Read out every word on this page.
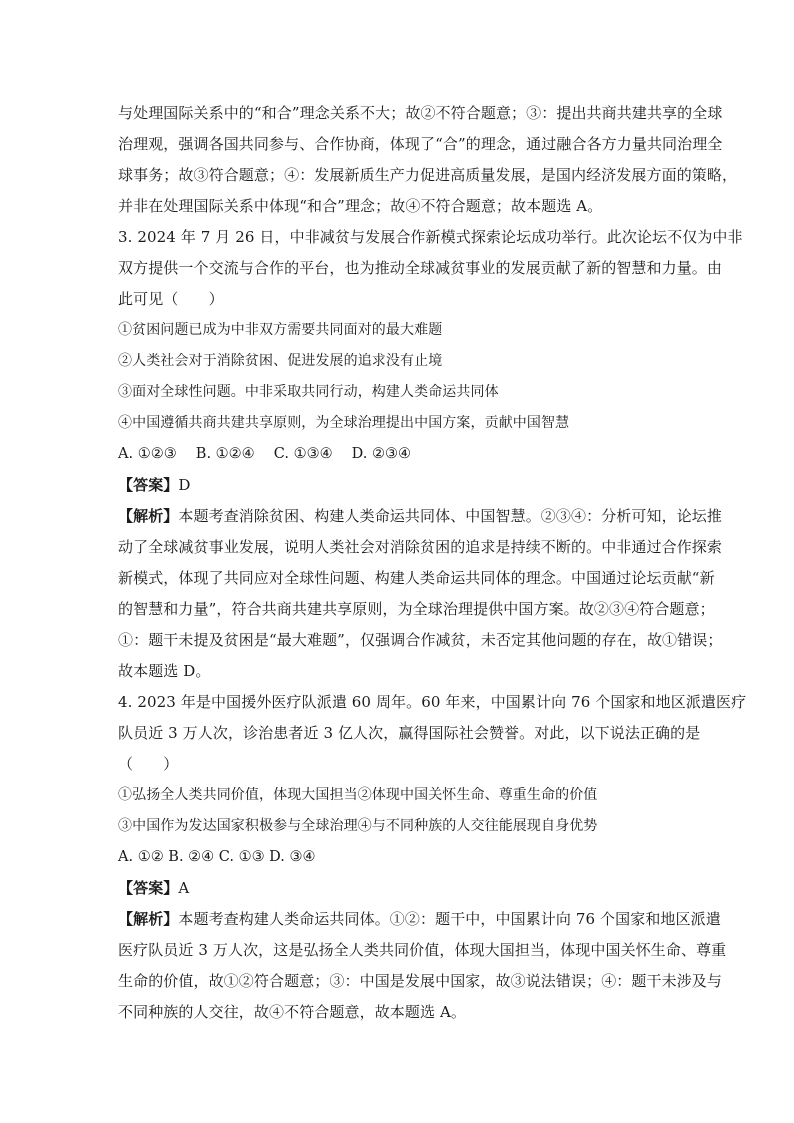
与处理国际关系中的“和合”理念关系不大；故②不符合题意；③：提出共商共建共享的全球
治理观，强调各国共同参与、合作协商，体现了“合”的理念，通过融合各方力量共同治理全
球事务；故③符合题意；④：发展新质生产力促进高质量发展，是国内经济发展方面的策略，
并非在处理国际关系中体现“和合”理念；故④不符合题意；故本题选 A。
3. 2024 年 7 月 26 日，中非减贫与发展合作新模式探索论坛成功举行。此次论坛不仅为中非
双方提供一个交流与合作的平台，也为推动全球减贫事业的发展贡献了新的智慧和力量。由
此可见（　　）
①贫困问题已成为中非双方需要共同面对的最大难题
②人类社会对于消除贫困、促进发展的追求没有止境
③面对全球性问题。中非采取共同行动，构建人类命运共同体
④中国遵循共商共建共享原则，为全球治理提出中国方案，贡献中国智慧
A. ①②③　 B. ①②④　 C. ①③④　 D. ②③④
【答案】D
【解析】本题考查消除贫困、构建人类命运共同体、中国智慧。②③④：分析可知，论坛推
动了全球减贫事业发展，说明人类社会对消除贫困的追求是持续不断的。中非通过合作探索
新模式，体现了共同应对全球性问题、构建人类命运共同体的理念。中国通过论坛贡献“新
的智慧和力量”，符合共商共建共享原则，为全球治理提供中国方案。故②③④符合题意；
①：题干未提及贫困是“最大难题”，仅强调合作减贫，未否定其他问题的存在，故①错误；
故本题选 D。
4. 2023 年是中国援外医疗队派遣 60 周年。60 年来，中国累计向 76 个国家和地区派遣医疗
队员近 3 万人次，诊治患者近 3 亿人次，赢得国际社会赞誉。对此，以下说法正确的是
（　　）
①弘扬全人类共同价值，体现大国担当②体现中国关怀生命、尊重生命的价值
③中国作为发达国家积极参与全球治理④与不同种族的人交往能展现自身优势
A. ①② B. ②④ C. ①③ D. ③④
【答案】A
【解析】本题考查构建人类命运共同体。①②：题干中，中国累计向 76 个国家和地区派遣
医疗队员近 3 万人次，这是弘扬全人类共同价值，体现大国担当，体现中国关怀生命、尊重
生命的价值，故①②符合题意；③：中国是发展中国家，故③说法错误；④：题干未涉及与
不同种族的人交往，故④不符合题意，故本题选 A。
